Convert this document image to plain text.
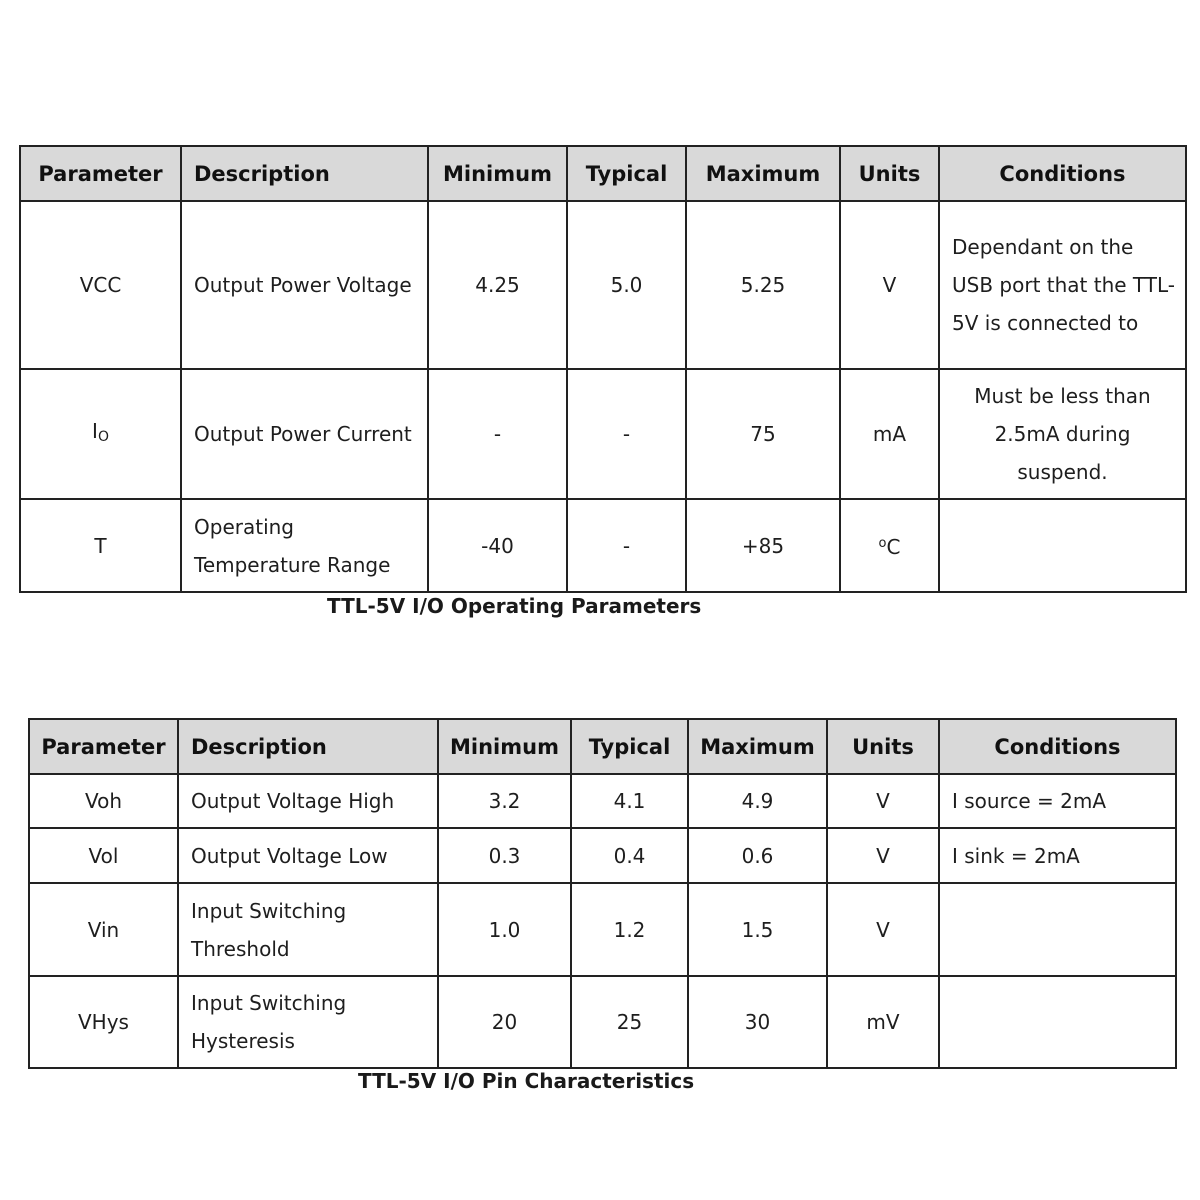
Parameter	Description	Minimum	Typical	Maximum	Units	Conditions
VCC	Output Power Voltage	4.25	5.0	5.25	V	Dependant on the USB port that the TTL-5V is connected to
$I_O$	Output Power Current	-	-	75	mA	Must be less than 2.5mA during suspend.
T	Operating Temperature Range	-40	-	+85	$^o$C	
TTL-5V I/O Operating Parameters
Parameter	Description	Minimum	Typical	Maximum	Units	Conditions
Voh	Output Voltage High	3.2	4.1	4.9	V	I source = 2mA
Vol	Output Voltage Low	0.3	0.4	0.6	V	I sink = 2mA
Vin	Input Switching Threshold	1.0	1.2	1.5	V	
VHys	Input Switching Hysteresis	20	25	30	mV	
TTL-5V I/O Pin Characteristics
